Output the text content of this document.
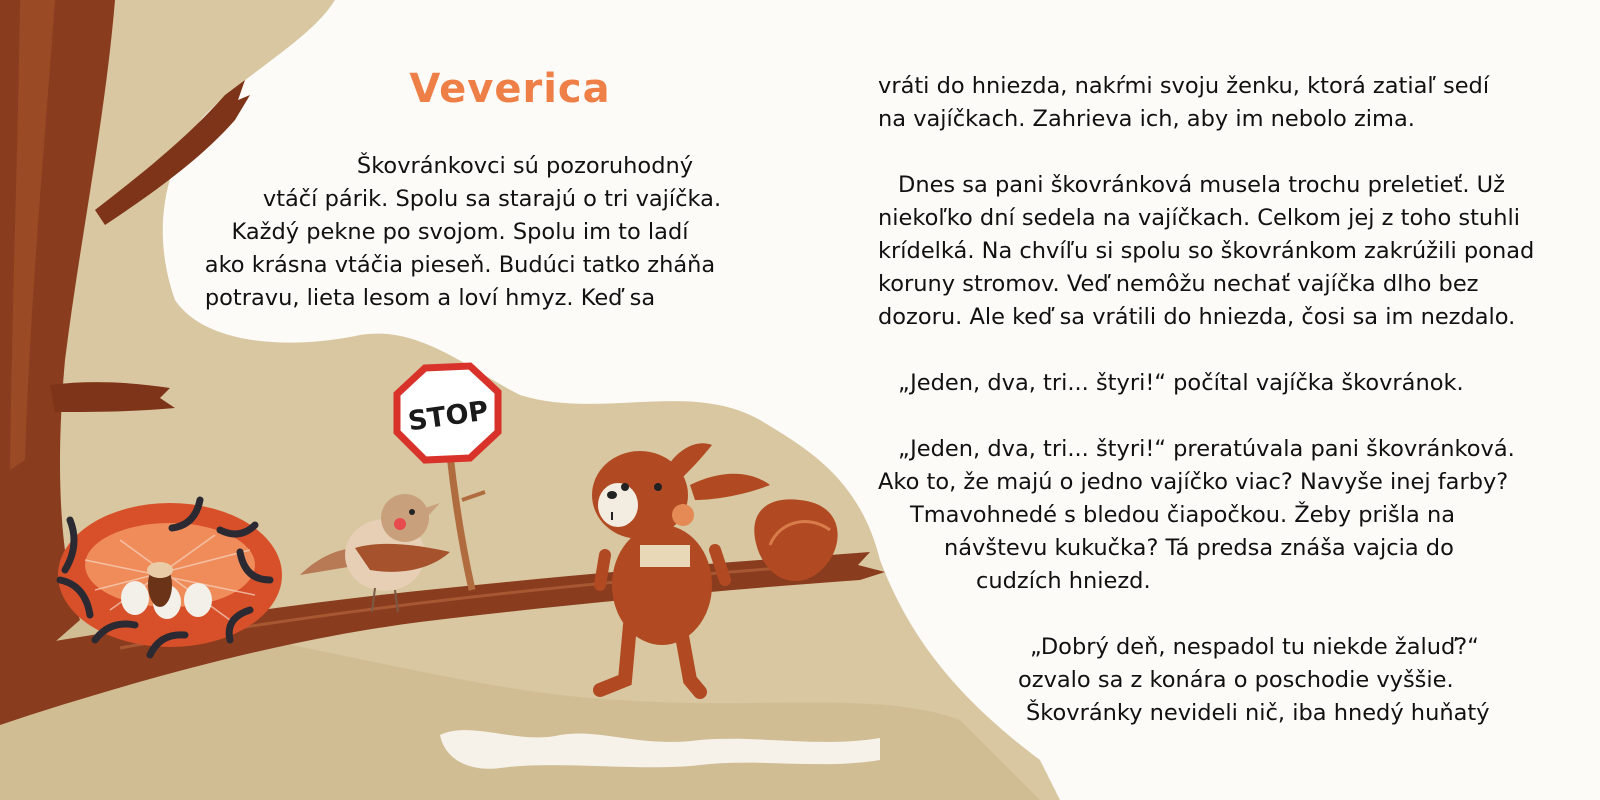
STOP
Veverica
Škovránkovci sú pozoruhodný
vtáčí párik. Spolu sa starajú o tri vajíčka.
Každý pekne po svojom. Spolu im to ladí
ako krásna vtáčia pieseň. Budúci tatko zháňa
potravu, lieta lesom a loví hmyz. Keď sa
vráti do hniezda, nakŕmi svoju ženku, ktorá zatiaľ sedí
na vajíčkach. Zahrieva ich, aby im nebolo zima.
Dnes sa pani škovránková musela trochu preletieť. Už
niekoľko dní sedela na vajíčkach. Celkom jej z toho stuhli
krídelká. Na chvíľu si spolu so škovránkom zakrúžili ponad
koruny stromov. Veď nemôžu nechať vajíčka dlho bez
dozoru. Ale keď sa vrátili do hniezda, čosi sa im nezdalo.
„Jeden, dva, tri... štyri!“ počítal vajíčka škovránok.
„Jeden, dva, tri... štyri!“ preratúvala pani škovránková.
Ako to, že majú o jedno vajíčko viac? Navyše inej farby?
Tmavohnedé s bledou čiapočkou. Žeby prišla na
návštevu kukučka? Tá predsa znáša vajcia do
cudzích hniezd.
„Dobrý deň, nespadol tu niekde žaluď?“
ozvalo sa z konára o poschodie vyššie.
Škovránky nevideli nič, iba hnedý huňatý
